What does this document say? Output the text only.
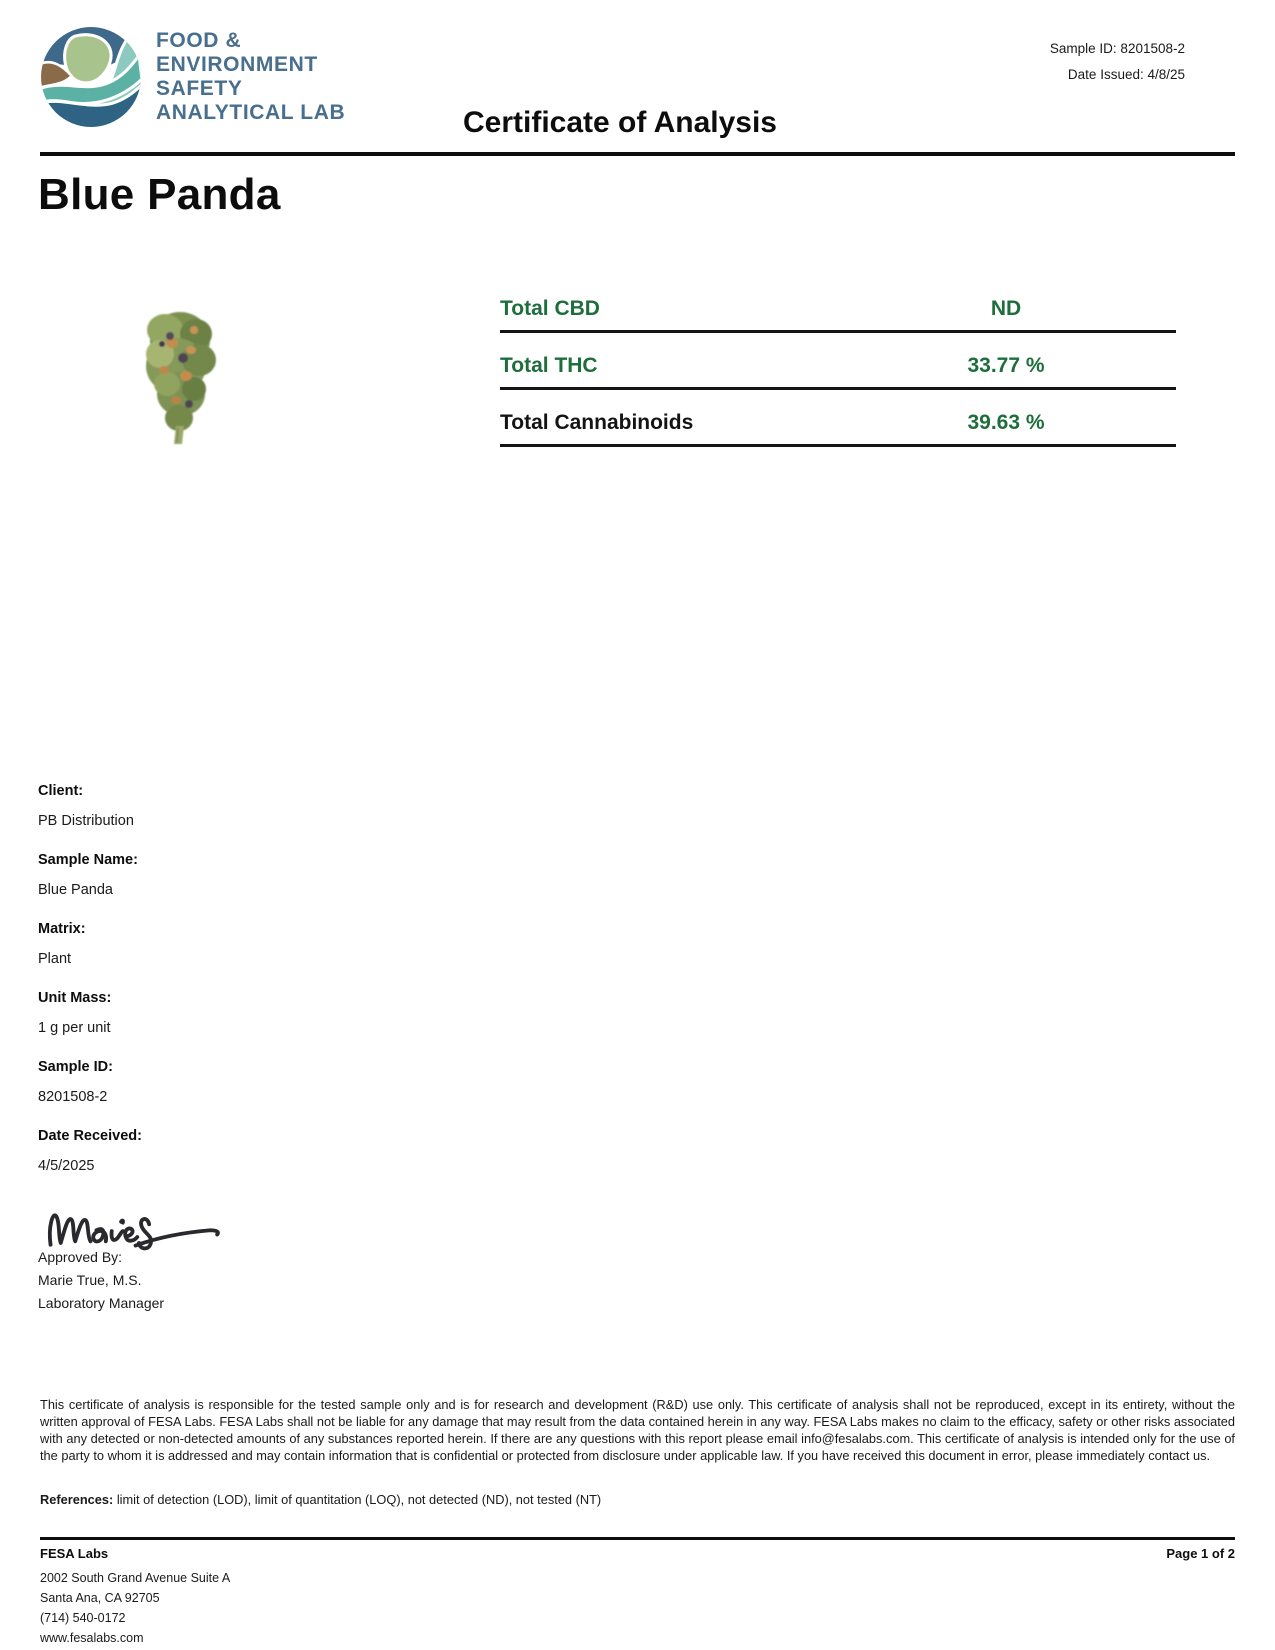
FOOD &
ENVIRONMENT
SAFETY
ANALYTICAL LAB
Sample ID: 8201508-2
Date Issued: 4/8/25
Certificate of Analysis
Blue Panda
Total CBD	ND
Total THC	33.77 %
Total Cannabinoids	39.63 %
Client:
PB Distribution
Sample Name:
Blue Panda
Matrix:
Plant
Unit Mass:
1 g per unit
Sample ID:
8201508-2
Date Received:
4/5/2025
Approved By:
Marie True, M.S.
Laboratory Manager

This certificate of analysis is responsible for the tested sample only and is for research and development (R&D) use only. This certificate of analysis shall not be reproduced, except in its entirety, without the written approval of FESA Labs. FESA Labs shall not be liable for any damage that may result from the data contained herein in any way. FESA Labs makes no claim to the efficacy, safety or other risks associated with any detected or non-detected amounts of any substances reported herein. If there are any questions with this report please email info@fesalabs.com. This certificate of analysis is intended only for the use of the party to whom it is addressed and may contain information that is confidential or protected from disclosure under applicable law. If you have received this document in error, please immediately contact us.

References: limit of detection (LOD), limit of quantitation (LOQ), not detected (ND), not tested (NT)

FESA Labs	Page 1 of 2
2002 South Grand Avenue Suite A
Santa Ana, CA 92705
(714) 540-0172
www.fesalabs.com
